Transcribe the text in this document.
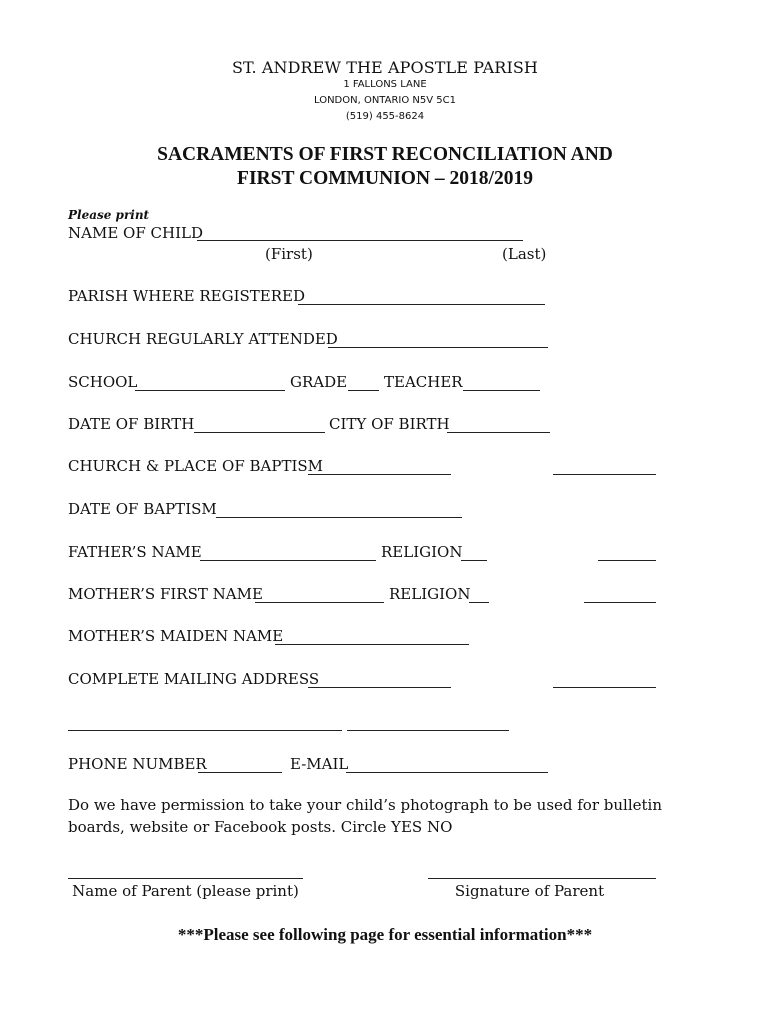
ST. ANDREW THE APOSTLE PARISH
1 FALLONS LANE
LONDON, ONTARIO N5V 5C1
(519) 455-8624
SACRAMENTS OF FIRST RECONCILIATION AND
FIRST COMMUNION – 2018/2019
Please print
NAME OF CHILD
(First)	(Last)
PARISH WHERE REGISTERED
CHURCH REGULARLY ATTENDED
SCHOOL	GRADE TEACHER
DATE OF BIRTH	CITY OF BIRTH
CHURCH & PLACE OF BAPTISM
DATE OF BAPTISM
FATHER’S NAME	RELIGION
MOTHER’S FIRST NAME	RELIGION
MOTHER’S MAIDEN NAME
COMPLETE MAILING ADDRESS
PHONE NUMBER	E-MAIL
Do we have permission to take your child’s photograph to be used for bulletin
boards, website or Facebook posts. Circle YES NO
Name of Parent (please print)	Signature of Parent
***Please see following page for essential information***
